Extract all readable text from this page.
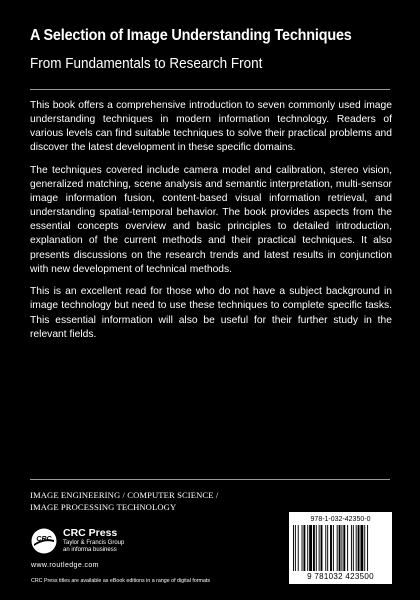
A Selection of Image Understanding Techniques
From Fundamentals to Research Front

This book offers a comprehensive introduction to seven commonly used image understanding techniques in modern information technology. Readers of various levels can find suitable techniques to solve their practical problems and discover the latest development in these specific domains.

The techniques covered include camera model and calibration, stereo vision, generalized matching, scene analysis and semantic interpretation, multi-sensor image information fusion, content-based visual information retrieval, and understanding spatial-temporal behavior. The book provides aspects from the essential concepts overview and basic principles to detailed introduction, explanation of the current methods and their practical techniques. It also presents discussions on the research trends and latest results in conjunction with new development of technical methods.

This is an excellent read for those who do not have a subject background in image technology but need to use these techniques to complete specific tasks. This essential information will also be useful for their further study in the relevant fields.

IMAGE ENGINEERING / COMPUTER SCIENCE /
IMAGE PROCESSING TECHNOLOGY
CRC
CRC Press
Taylor & Francis Group
an informa business
www.routledge.com
CRC Press titles are available as eBook editions in a range of digital formats
978-1-032-42350-0
9 781032 423500
